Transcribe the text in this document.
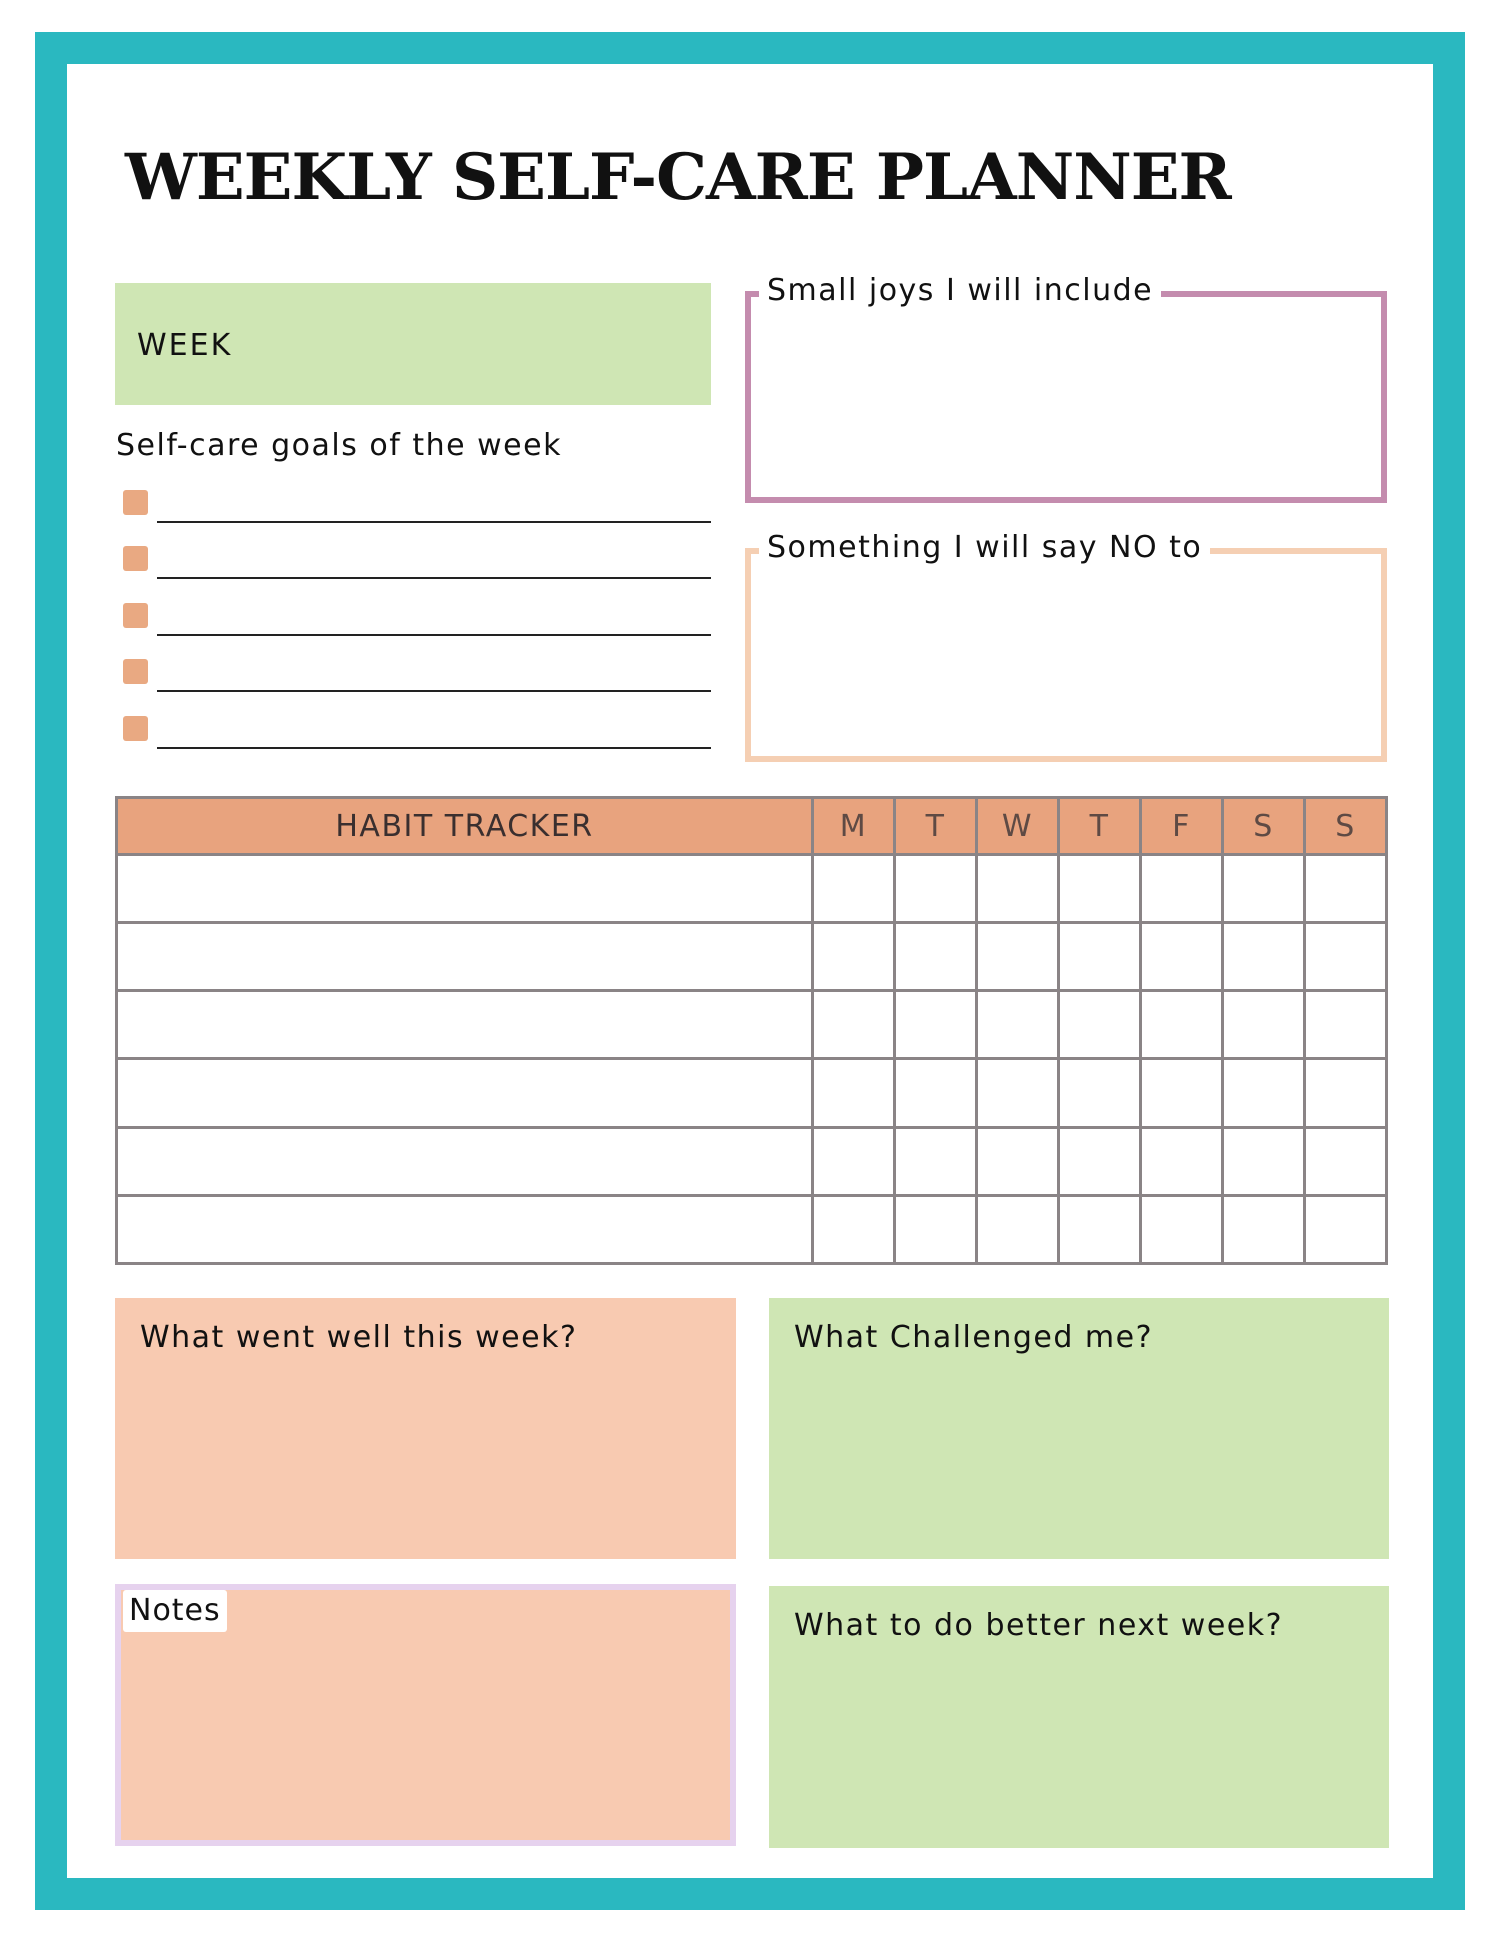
WEEKLY SELF-CARE PLANNER
WEEK
Self-care goals of the week
Small joys I will include
Something I will say NO to
HABIT TRACKER	M	T	W	T	F	S	S

What went well this week?	What Challenged me?
Notes	What to do better next week?
